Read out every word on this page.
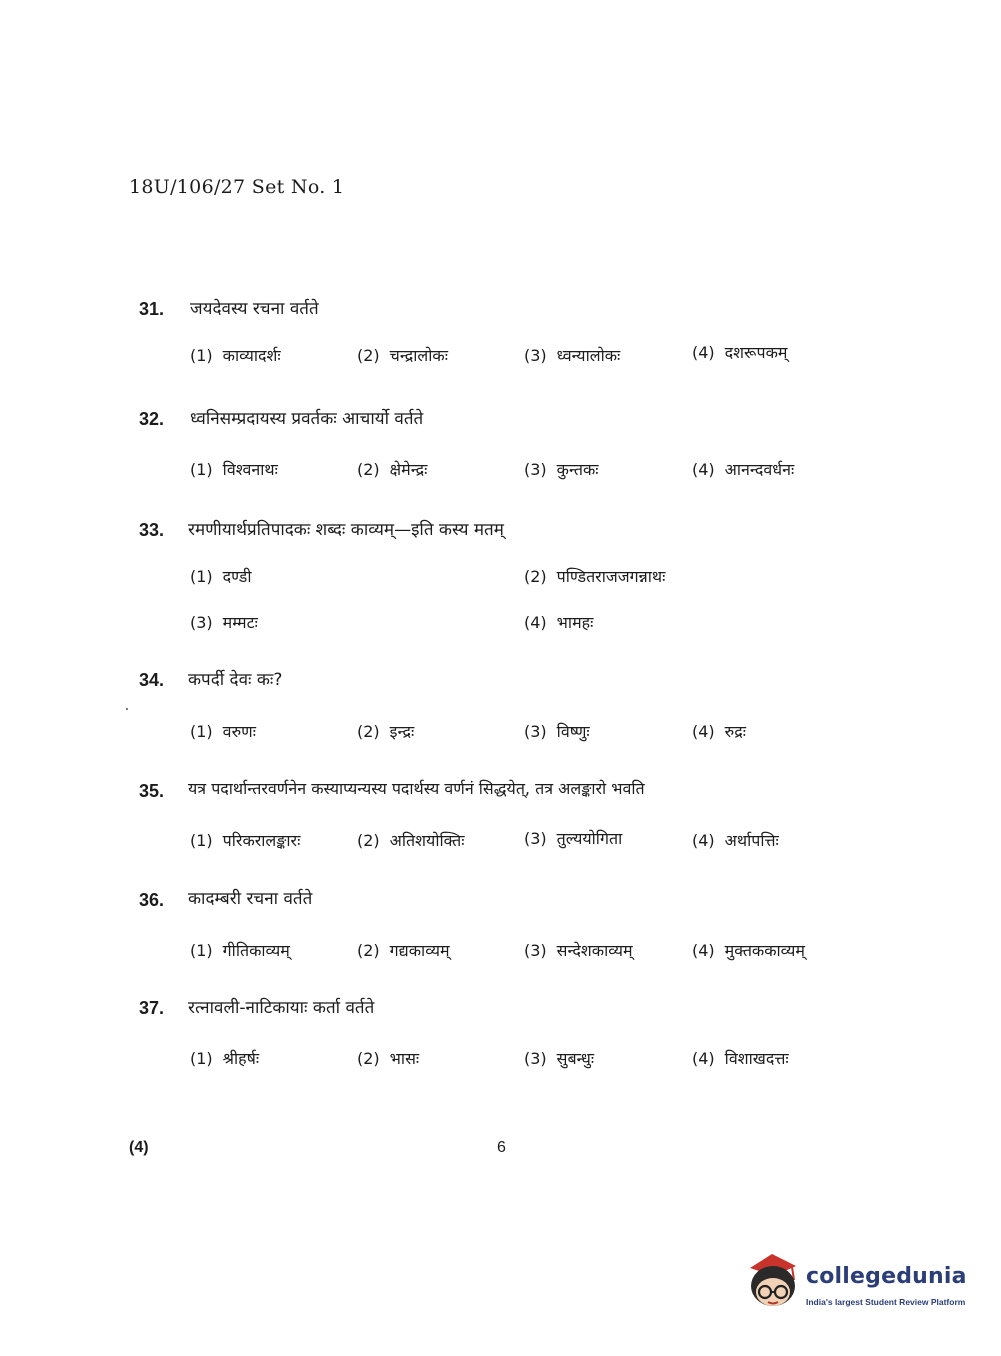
18U/106/27 Set No. 1
31.	जयदेवस्य रचना वर्तते
(1) काव्यादर्शः	(2) चन्द्रालोकः	(3) ध्वन्यालोकः	(4) दशरूपकम्
32.	ध्वनिसम्प्रदायस्य प्रवर्तकः आचार्यो वर्तते
(1) विश्वनाथः	(2) क्षेमेन्द्रः	(3) कुन्तकः	(4) आनन्दवर्धनः
33.	रमणीयार्थप्रतिपादकः शब्दः काव्यम्—इति कस्य मतम्
(1) दण्डी	(2) पण्डितराजजगन्नाथः
(3) मम्मटः	(4) भामहः
34.	कपर्दी देवः कः?
(1) वरुणः	(2) इन्द्रः	(3) विष्णुः	(4) रुद्रः
35.	यत्र पदार्थान्तरवर्णनेन कस्याप्यन्यस्य पदार्थस्य वर्णनं सिद्धयेत्, तत्र अलङ्कारो भवति
(1) परिकरालङ्कारः	(2) अतिशयोक्तिः	(3) तुल्ययोगिता	(4) अर्थापत्तिः
36.	कादम्बरी रचना वर्तते
(1) गीतिकाव्यम्	(2) गद्यकाव्यम्	(3) सन्देशकाव्यम्	(4) मुक्तककाव्यम्
37.	रत्नावली-नाटिकायाः कर्ता वर्तते
(1) श्रीहर्षः	(2) भासः	(3) सुबन्धुः	(4) विशाखदत्तः
(4)	6
collegedunia
India's largest Student Review Platform
